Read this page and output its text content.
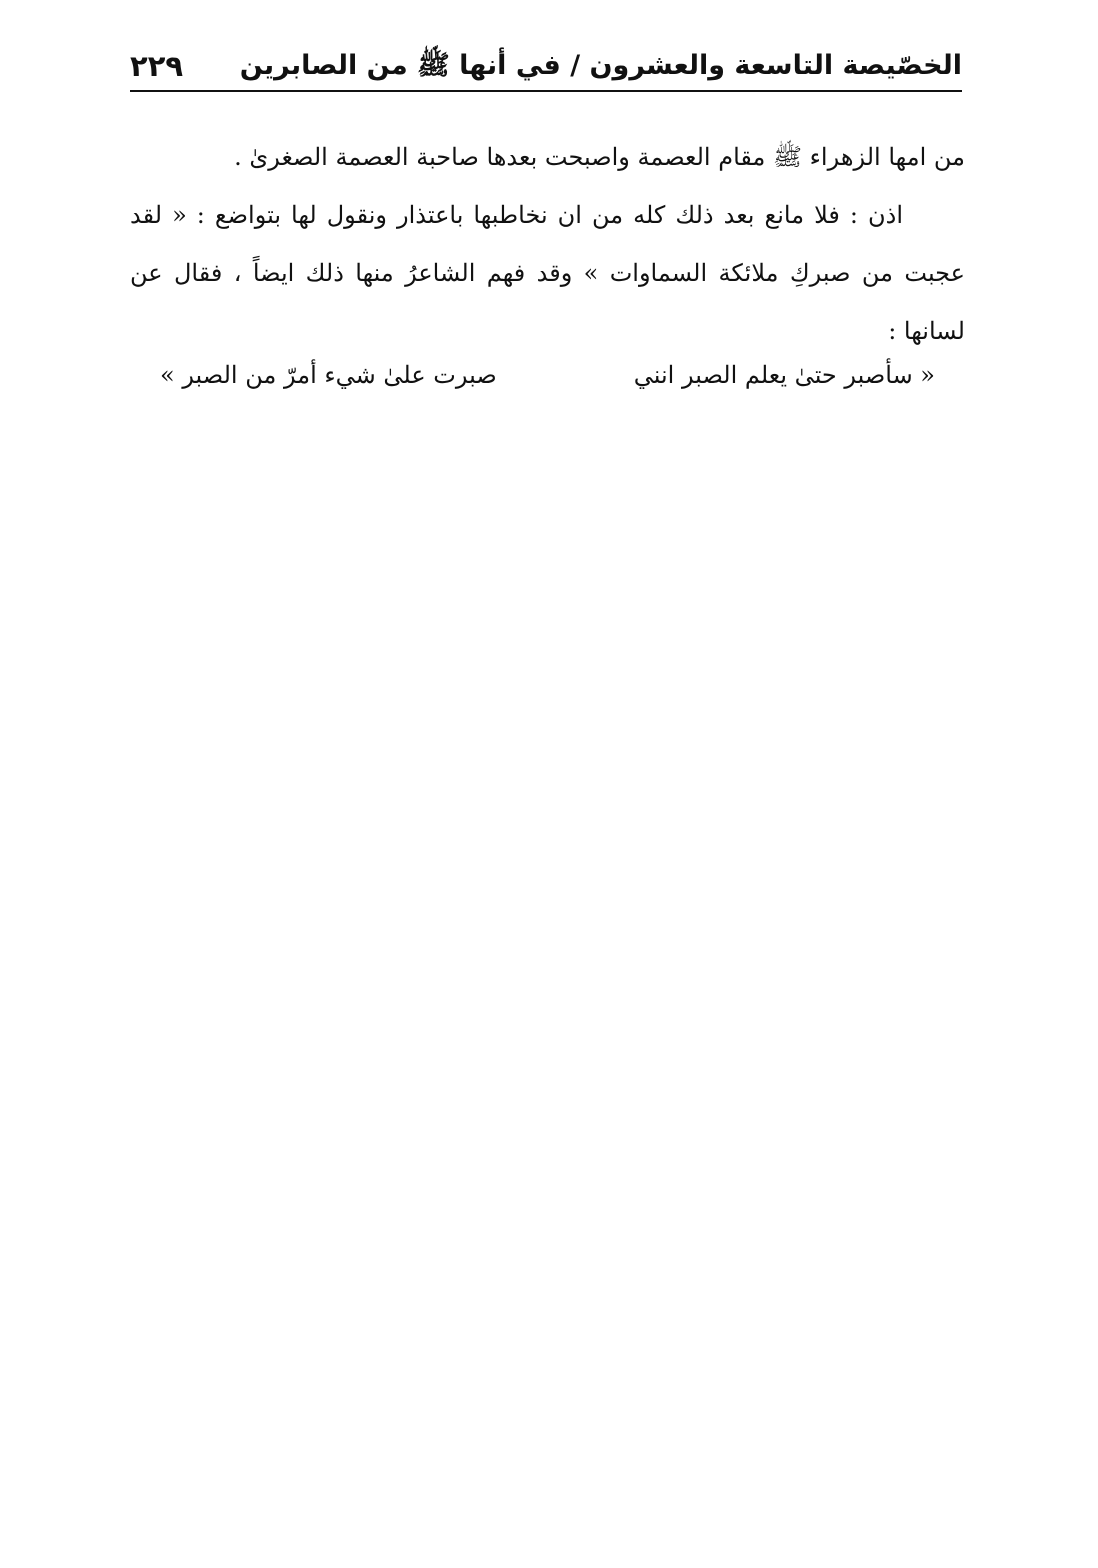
الخصّيصة التاسعة والعشرون / في أنها ﷺ من الصابرين
٢٢٩

من امها الزهراء ﷺ مقام العصمة واصبحت بعدها صاحبة العصمة الصغرىٰ .

اذن : فلا مانع بعد ذلك كله من ان نخاطبها باعتذار ونقول لها بتواضع : « لقد عجبت من صبركِ ملائكة السماوات » وقد فهم الشاعرُ منها ذلك ايضاً ، فقال عن لسانها :

« سأصبر حتىٰ يعلم الصبر انني
صبرت علىٰ شيء أمرّ من الصبر »
